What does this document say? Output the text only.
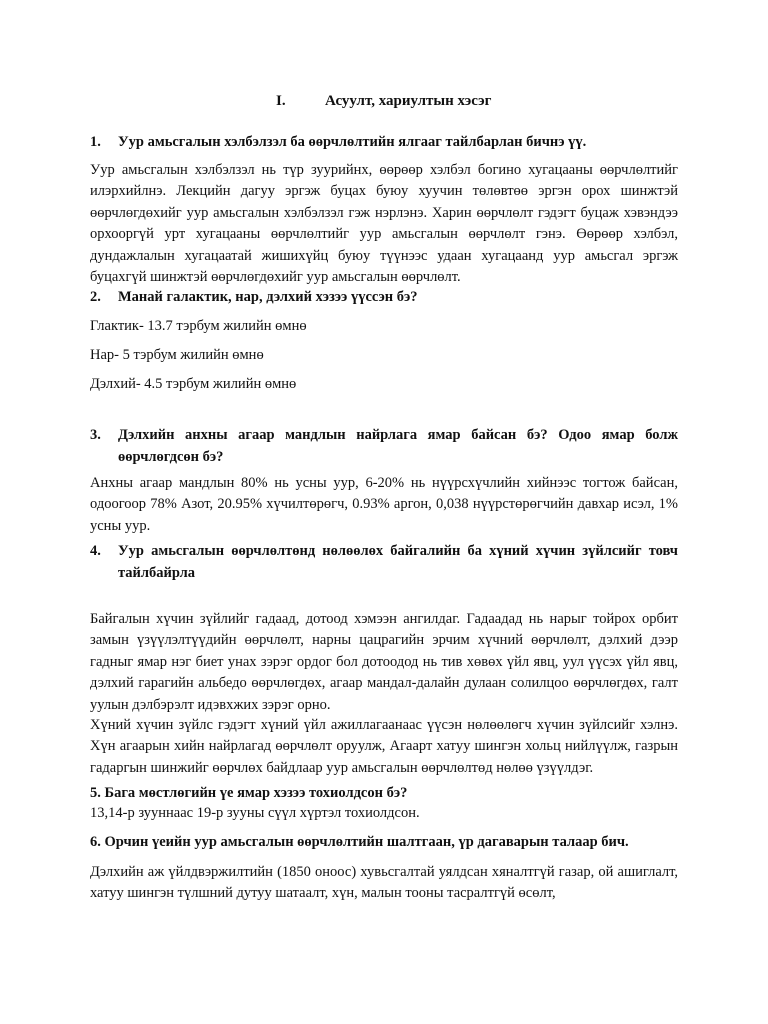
I.	Асуулт, хариултын хэсэг
1. Уур амьсгалын хэлбэлзэл ба өөрчлөлтийн ялгааг тайлбарлан бичнэ үү.
Уур амьсгалын хэлбэлзэл нь түр зуурийнх, өөрөөр хэлбэл богино хугацааны өөрчлөлтийг илэрхийлнэ. Лекцийн дагуу эргэж буцах буюу хуучин төлөвтөө эргэн орох шинжтэй өөрчлөгдөхийг уур амьсгалын хэлбэлзэл гэж нэрлэнэ. Харин өөрчлөлт гэдэгт буцаж хэвэндээ орхооргүй урт хугацааны өөрчлөлтийг уур амьсгалын өөрчлөлт гэнэ. Өөрөөр хэлбэл, дундажлалын хугацаатай жишихүйц буюу түүнээс удаан хугацаанд уур амьсгал эргэж буцахгүй шинжтэй өөрчлөгдөхийг уур амьсгалын өөрчлөлт.
2. Манай галактик, нар, дэлхий хэзээ үүссэн бэ?
Глактик- 13.7 тэрбум жилийн өмнө
Нар- 5 тэрбум жилийн өмнө
Дэлхий- 4.5 тэрбум жилийн өмнө
3. Дэлхийн анхны агаар мандлын найрлага ямар байсан бэ? Одоо ямар болж өөрчлөгдсөн бэ?
Анхны агаар мандлын 80% нь усны уур, 6-20% нь нүүрсхүчлийн хийнээс тогтож байсан, одоогоор 78% Азот, 20.95% хүчилтөрөгч, 0.93% аргон, 0,038 нүүрстөрөгчийн давхар исэл, 1% усны уур.
4. Уур амьсгалын өөрчлөлтөнд нөлөөлөх байгалийн ба хүний хүчин зүйлсийг товч тайлбайрла
Байгалын хүчин зүйлийг гадаад, дотоод хэмээн ангилдаг. Гадаадад нь нарыг тойрох орбит замын үзүүлэлтүүдийн өөрчлөлт, нарны цацрагийн эрчим хүчний өөрчлөлт, дэлхий дээр гадныг ямар нэг биет унах зэрэг ордог бол дотоодод нь тив хөвөх үйл явц, уул үүсэх үйл явц, дэлхий гарагийн альбедо өөрчлөгдөх, агаар мандал-далайн дулаан солилцоо өөрчлөгдөх, галт уулын дэлбэрэлт идэвхжих зэрэг орно.
Хүний хүчин зүйлс гэдэгт хүний үйл ажиллагаанаас үүсэн нөлөөлөгч хүчин зүйлсийг хэлнэ. Хүн агаарын хийн найрлагад өөрчлөлт оруулж, Агаарт хатуу шингэн хольц нийлүүлж, газрын гадаргын шинжийг өөрчлөх байдлаар уур амьсгалын өөрчлөлтөд нөлөө үзүүлдэг.
5. Бага мөстлөгийн үе ямар хэзээ тохиолдсон бэ?
13,14-р зууннаас 19-р зууны сүүл хүртэл тохиолдсон.
6. Орчин үеийн уур амьсгалын өөрчлөлтийн шалтгаан, үр дагаварын талаар бич.
Дэлхийн аж үйлдвэржилтийн (1850 оноос) хувьсгалтай уялдсан хяналтгүй газар, ой ашиглалт, хатуу шингэн түлшний дутуу шатаалт, хүн, малын тооны тасралтгүй өсөлт,
